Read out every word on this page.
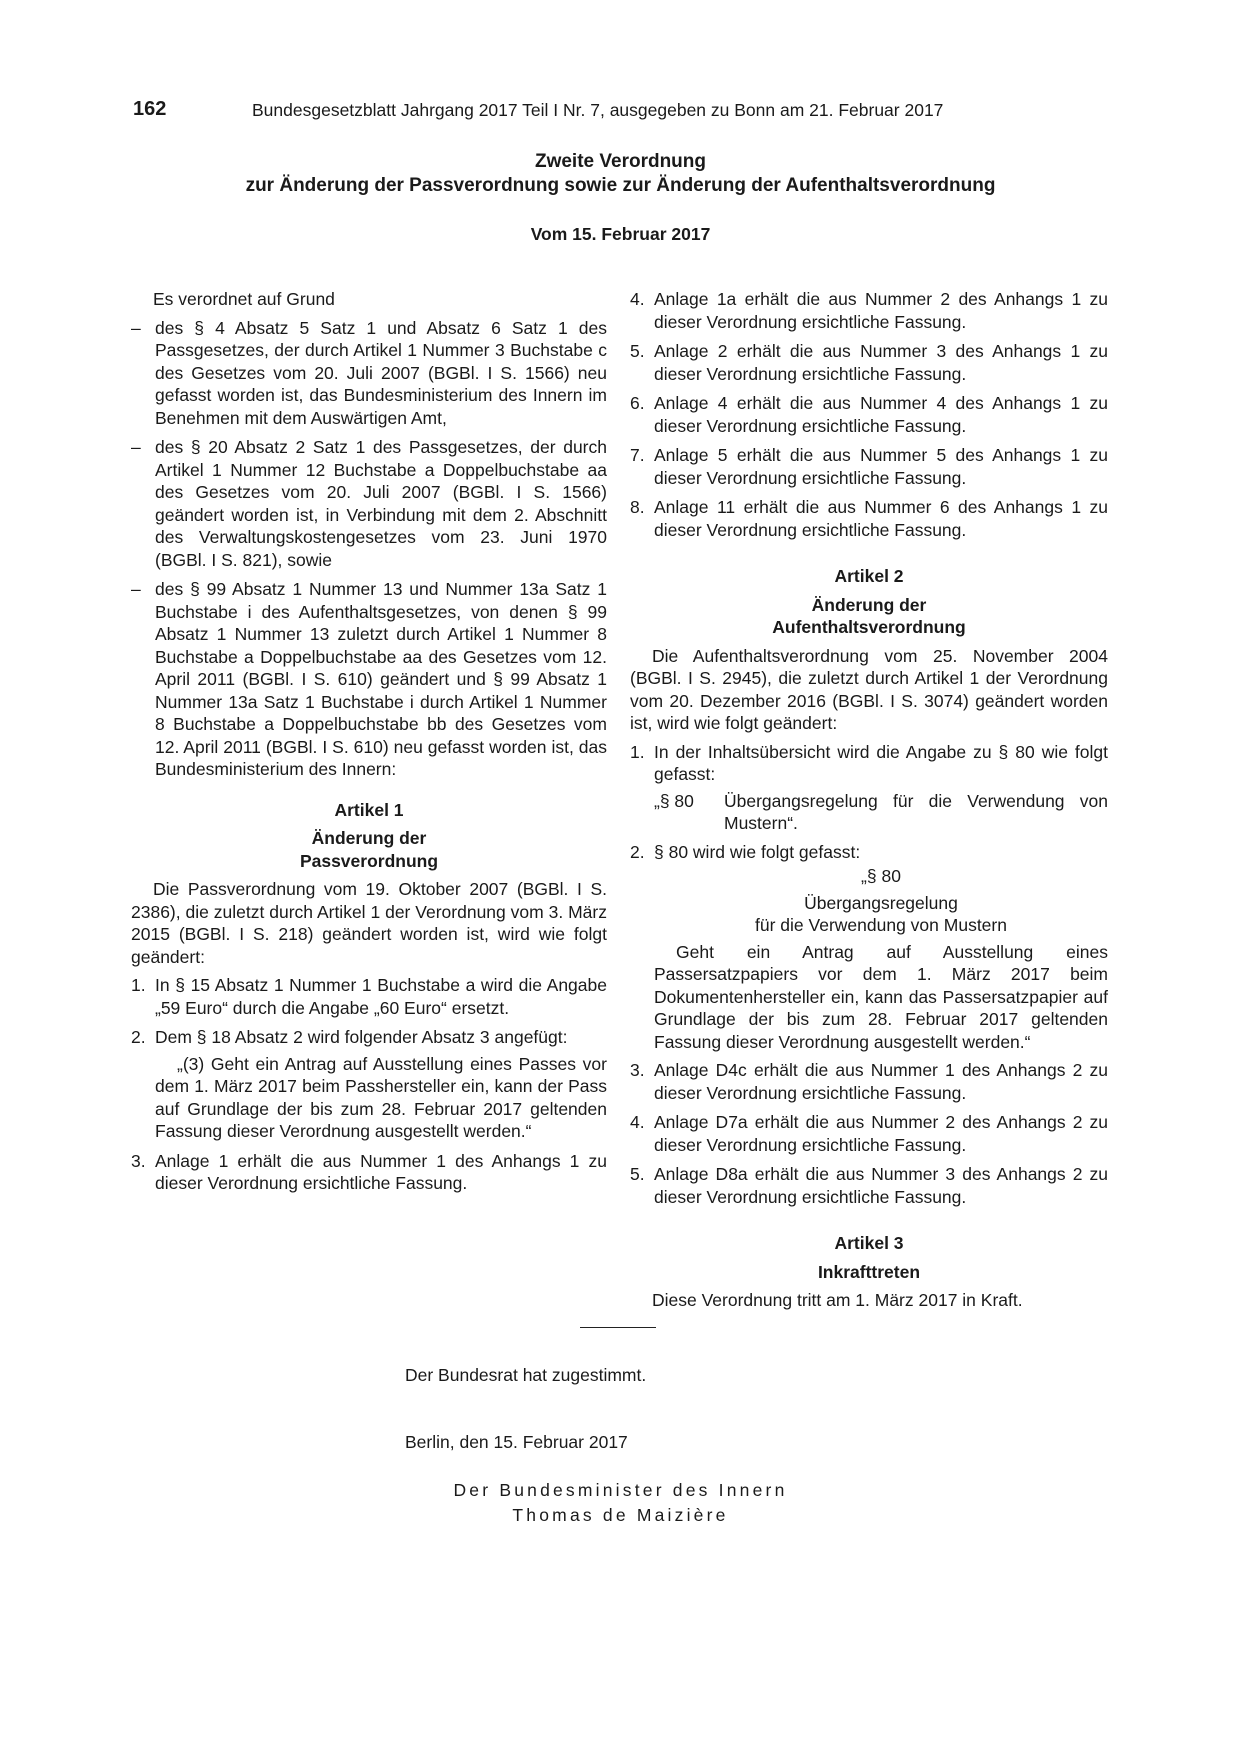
162	Bundesgesetzblatt Jahrgang 2017 Teil I Nr. 7, ausgegeben zu Bonn am 21. Februar 2017
Zweite Verordnung
zur Änderung der Passverordnung sowie zur Änderung der Aufenthaltsverordnung
Vom 15. Februar 2017

Es verordnet auf Grund

– des § 4 Absatz 5 Satz 1 und Absatz 6 Satz 1 des Passgesetzes, der durch Artikel 1 Nummer 3 Buchstabe c des Gesetzes vom 20. Juli 2007 (BGBl. I S. 1566) neu gefasst worden ist, das Bundesministerium des Innern im Benehmen mit dem Auswärtigen Amt,
– des § 20 Absatz 2 Satz 1 des Passgesetzes, der durch Artikel 1 Nummer 12 Buchstabe a Doppelbuchstabe aa des Gesetzes vom 20. Juli 2007 (BGBl. I S. 1566) geändert worden ist, in Verbindung mit dem 2. Abschnitt des Verwaltungskostengesetzes vom 23. Juni 1970 (BGBl. I S. 821), sowie
– des § 99 Absatz 1 Nummer 13 und Nummer 13a Satz 1 Buchstabe i des Aufenthaltsgesetzes, von denen § 99 Absatz 1 Nummer 13 zuletzt durch Artikel 1 Nummer 8 Buchstabe a Doppelbuchstabe aa des Gesetzes vom 12. April 2011 (BGBl. I S. 610) geändert und § 99 Absatz 1 Nummer 13a Satz 1 Buchstabe i durch Artikel 1 Nummer 8 Buchstabe a Doppelbuchstabe bb des Gesetzes vom 12. April 2011 (BGBl. I S. 610) neu gefasst worden ist, das Bundesministerium des Innern:
Artikel 1
Änderung der
Passverordnung

Die Passverordnung vom 19. Oktober 2007 (BGBl. I S. 2386), die zuletzt durch Artikel 1 der Verordnung vom 3. März 2015 (BGBl. I S. 218) geändert worden ist, wird wie folgt geändert:

1. In § 15 Absatz 1 Nummer 1 Buchstabe a wird die Angabe „59 Euro“ durch die Angabe „60 Euro“ ersetzt.
2. Dem § 18 Absatz 2 wird folgender Absatz 3 angefügt:

„(3) Geht ein Antrag auf Ausstellung eines Passes vor dem 1. März 2017 beim Passhersteller ein, kann der Pass auf Grundlage der bis zum 28. Februar 2017 geltenden Fassung dieser Verordnung ausgestellt werden.“

3. Anlage 1 erhält die aus Nummer 1 des Anhangs 1 zu dieser Verordnung ersichtliche Fassung.
4. Anlage 1a erhält die aus Nummer 2 des Anhangs 1 zu dieser Verordnung ersichtliche Fassung.
5. Anlage 2 erhält die aus Nummer 3 des Anhangs 1 zu dieser Verordnung ersichtliche Fassung.
6. Anlage 4 erhält die aus Nummer 4 des Anhangs 1 zu dieser Verordnung ersichtliche Fassung.
7. Anlage 5 erhält die aus Nummer 5 des Anhangs 1 zu dieser Verordnung ersichtliche Fassung.
8. Anlage 11 erhält die aus Nummer 6 des Anhangs 1 zu dieser Verordnung ersichtliche Fassung.
Artikel 2
Änderung der
Aufenthaltsverordnung

Die Aufenthaltsverordnung vom 25. November 2004 (BGBl. I S. 2945), die zuletzt durch Artikel 1 der Verordnung vom 20. Dezember 2016 (BGBl. I S. 3074) geändert worden ist, wird wie folgt geändert:

1. In der Inhaltsübersicht wird die Angabe zu § 80 wie folgt gefasst:
„§ 80 Übergangsregelung für die Verwendung von Mustern“.
2. § 80 wird wie folgt gefasst:
„§ 80
Übergangsregelung
für die Verwendung von Mustern

Geht ein Antrag auf Ausstellung eines Passersatzpapiers vor dem 1. März 2017 beim Dokumentenhersteller ein, kann das Passersatzpapier auf Grundlage der bis zum 28. Februar 2017 geltenden Fassung dieser Verordnung ausgestellt werden.“

3. Anlage D4c erhält die aus Nummer 1 des Anhangs 2 zu dieser Verordnung ersichtliche Fassung.
4. Anlage D7a erhält die aus Nummer 2 des Anhangs 2 zu dieser Verordnung ersichtliche Fassung.
5. Anlage D8a erhält die aus Nummer 3 des Anhangs 2 zu dieser Verordnung ersichtliche Fassung.
Artikel 3
Inkrafttreten

Diese Verordnung tritt am 1. März 2017 in Kraft.

Der Bundesrat hat zugestimmt.
Berlin, den 15. Februar 2017
Der Bundesminister des Innern
Thomas de Maizière
